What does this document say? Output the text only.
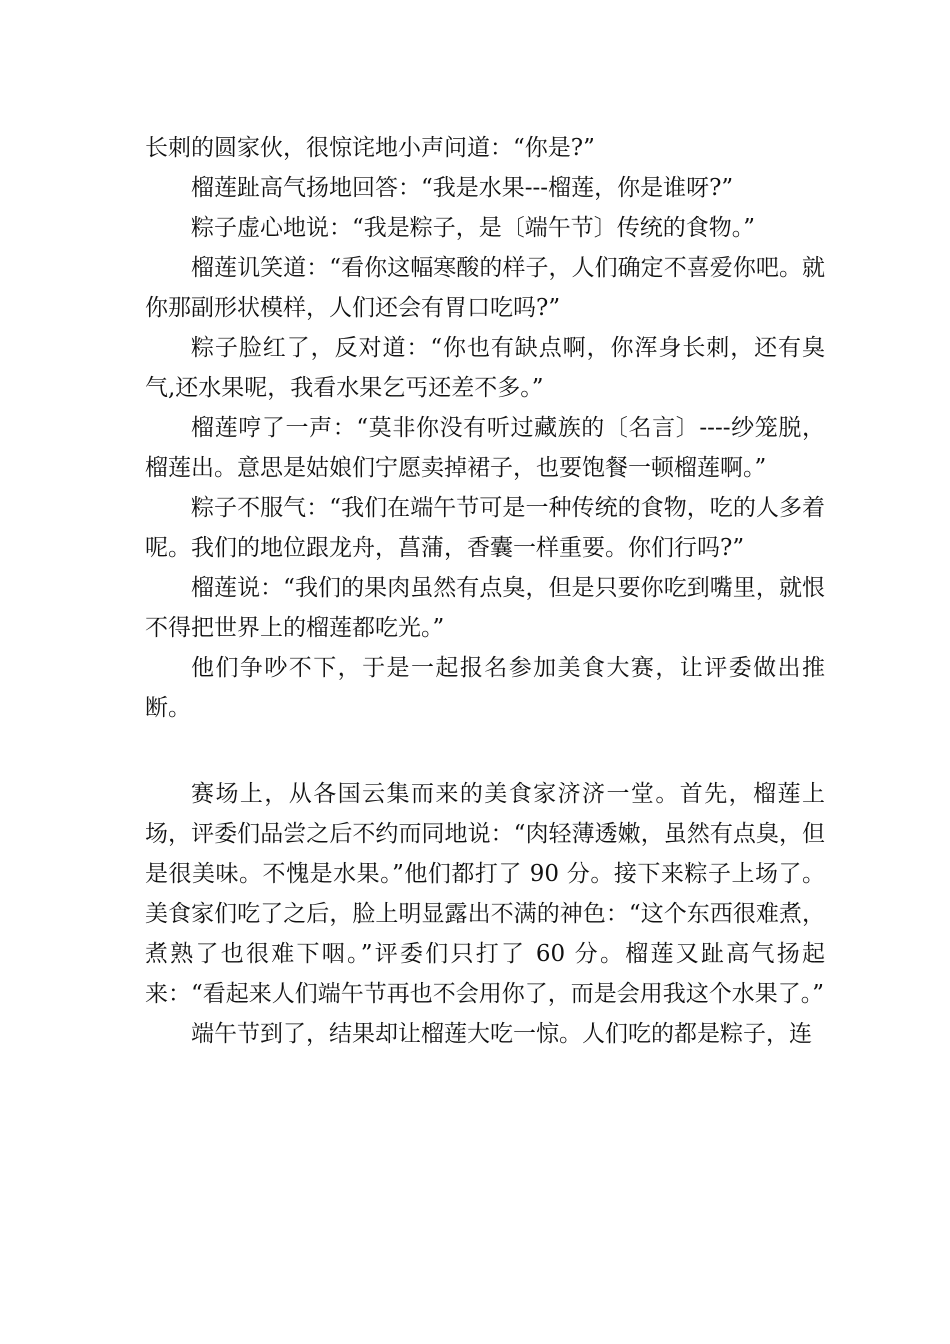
长刺的圆家伙，很惊诧地小声问道：“你是?”

榴莲趾高气扬地回答：“我是水果---榴莲，你是谁呀?”

粽子虚心地说：“我是粽子，是〔端午节〕传统的食物。”

榴莲讥笑道：“看你这幅寒酸的样子，人们确定不喜爱你吧。就你那副形状模样，人们还会有胃口吃吗?”

粽子脸红了，反对道：“你也有缺点啊，你浑身长刺，还有臭气,还水果呢，我看水果乞丐还差不多。”

榴莲哼了一声：“莫非你没有听过藏族的〔名言〕----纱笼脱，榴莲出。意思是姑娘们宁愿卖掉裙子，也要饱餐一顿榴莲啊。”

粽子不服气：“我们在端午节可是一种传统的食物，吃的人多着呢。我们的地位跟龙舟，菖蒲，香囊一样重要。你们行吗?”

榴莲说：“我们的果肉虽然有点臭，但是只要你吃到嘴里，就恨不得把世界上的榴莲都吃光。”

他们争吵不下，于是一起报名参加美食大赛，让评委做出推断。

赛场上，从各国云集而来的美食家济济一堂。首先，榴莲上场，评委们品尝之后不约而同地说：“肉轻薄透嫩，虽然有点臭，但是很美味。不愧是水果。”他们都打了 90 分。接下来粽子上场了。美食家们吃了之后，脸上明显露出不满的神色：“这个东西很难煮，煮熟了也很难下咽。”评委们只打了 60 分。榴莲又趾高气扬起来：“看起来人们端午节再也不会用你了，而是会用我这个水果了。”

端午节到了，结果却让榴莲大吃一惊。人们吃的都是粽子，连
